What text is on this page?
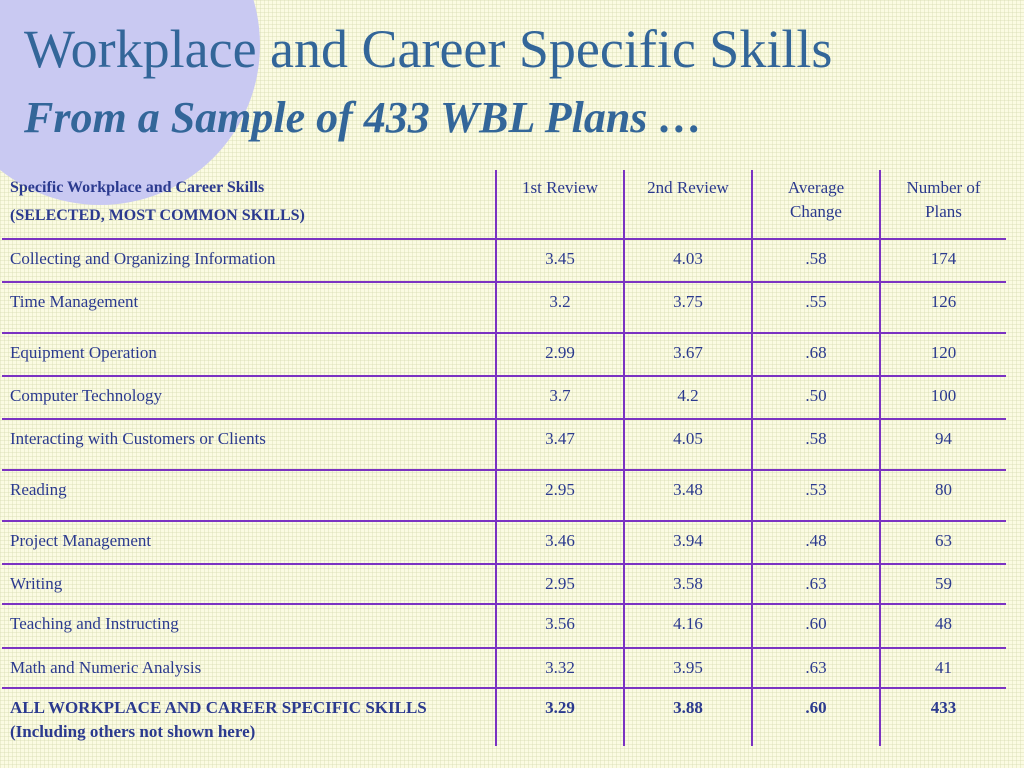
Workplace and Career Specific Skills
From a Sample of 433 WBL Plans …
Specific Workplace and Career Skills
(SELECTED, MOST COMMON SKILLS)	1st Review	2nd Review	Average Change	Number of Plans
Collecting and Organizing Information	3.45	4.03	.58	174
Time Management	3.2	3.75	.55	126
Equipment Operation	2.99	3.67	.68	120
Computer Technology	3.7	4.2	.50	100
Interacting with Customers or Clients	3.47	4.05	.58	94
Reading	2.95	3.48	.53	80
Project Management	3.46	3.94	.48	63
Writing	2.95	3.58	.63	59
Teaching and Instructing	3.56	4.16	.60	48
Math and Numeric Analysis	3.32	3.95	.63	41
ALL WORKPLACE AND CAREER SPECIFIC SKILLS (Including others not shown here)	3.29	3.88	.60	433
